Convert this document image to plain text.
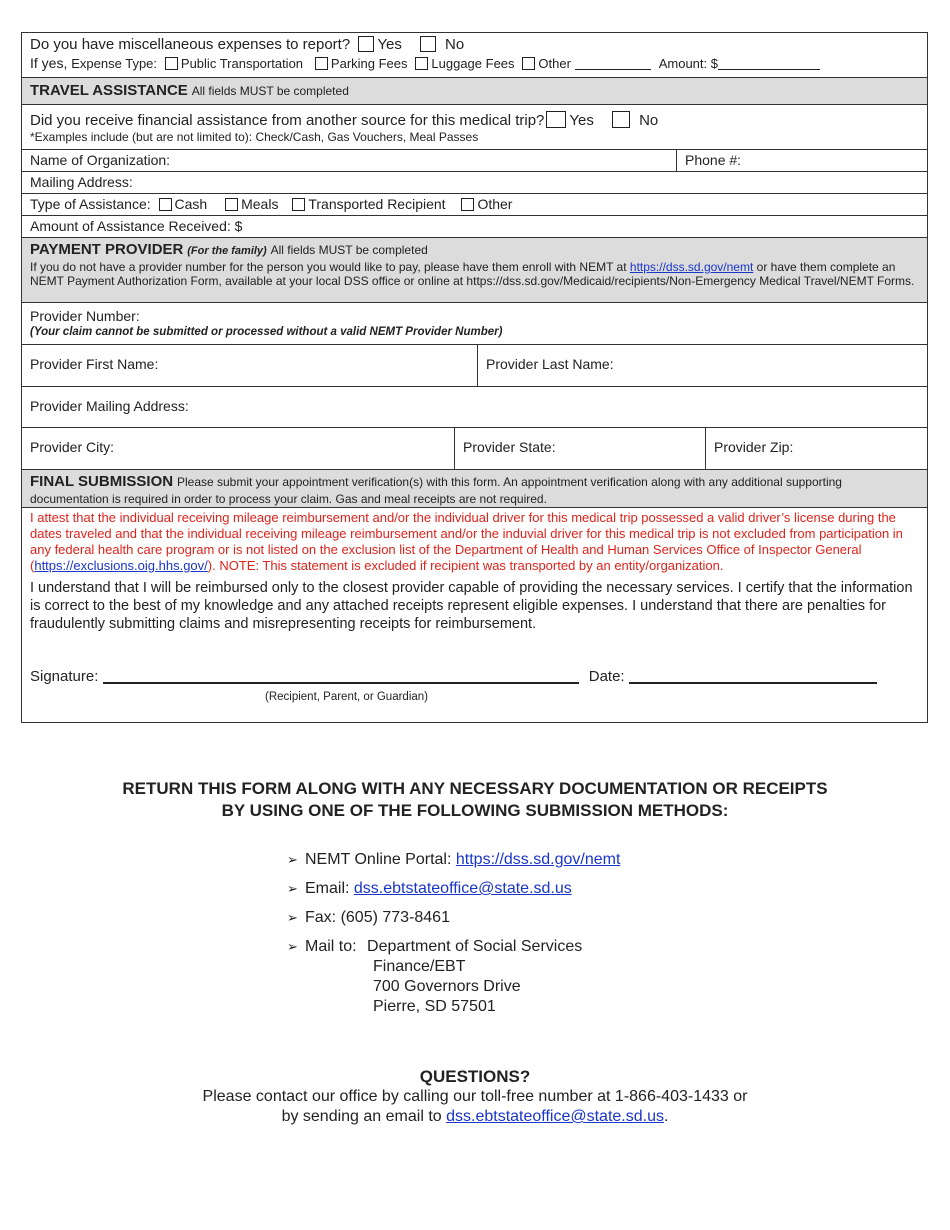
Do you have miscellaneous expenses to report? Yes	No
If yes, Expense Type: Public Transportation Parking Fees Luggage Fees Other	Amount: $
TRAVEL ASSISTANCE All fields MUST be completed
Did you receive financial assistance from another source for this medical trip? Yes	No
*Examples include (but are not limited to): Check/Cash, Gas Vouchers, Meal Passes
Name of Organization:	Phone #:
Mailing Address:
Type of Assistance: Cash Meals Transported Recipient Other
Amount of Assistance Received: $
PAYMENT PROVIDER (For the family) All fields MUST be completed
If you do not have a provider number for the person you would like to pay, please have them enroll with NEMT at https://dss.sd.gov/nemt or have them complete an NEMT Payment Authorization Form, available at your local DSS office or online at https://dss.sd.gov/Medicaid/recipients/Non-Emergency Medical Travel/NEMT Forms.
Provider Number:
(Your claim cannot be submitted or processed without a valid NEMT Provider Number)
Provider First Name:	Provider Last Name:
Provider Mailing Address:
Provider City:	Provider State:	Provider Zip:
FINAL SUBMISSION Please submit your appointment verification(s) with this form. An appointment verification along with any additional supporting documentation is required in order to process your claim. Gas and meal receipts are not required.
I attest that the individual receiving mileage reimbursement and/or the individual driver for this medical trip possessed a valid driver’s license during the dates traveled and that the individual receiving mileage reimbursement and/or the induvial driver for this medical trip is not excluded from participation in any federal health care program or is not listed on the exclusion list of the Department of Health and Human Services Office of Inspector General (https://exclusions.oig.hhs.gov/). NOTE: This statement is excluded if recipient was transported by an entity/organization.
I understand that I will be reimbursed only to the closest provider capable of providing the necessary services. I certify that the information is correct to the best of my knowledge and any attached receipts represent eligible expenses. I understand that there are penalties for fraudulently submitting claims and misrepresenting receipts for reimbursement.
Signature:	Date:
(Recipient, Parent, or Guardian)
RETURN THIS FORM ALONG WITH ANY NECESSARY DOCUMENTATION OR RECEIPTS
BY USING ONE OF THE FOLLOWING SUBMISSION METHODS:
➢ NEMT Online Portal: https://dss.sd.gov/nemt
➢ Email: dss.ebtstateoffice@state.sd.us
➢ Fax: (605) 773-8461
➢ Mail to: Department of Social Services
Finance/EBT
700 Governors Drive
Pierre, SD 57501
QUESTIONS?
Please contact our office by calling our toll-free number at 1-866-403-1433 or
by sending an email to dss.ebtstateoffice@state.sd.us.
